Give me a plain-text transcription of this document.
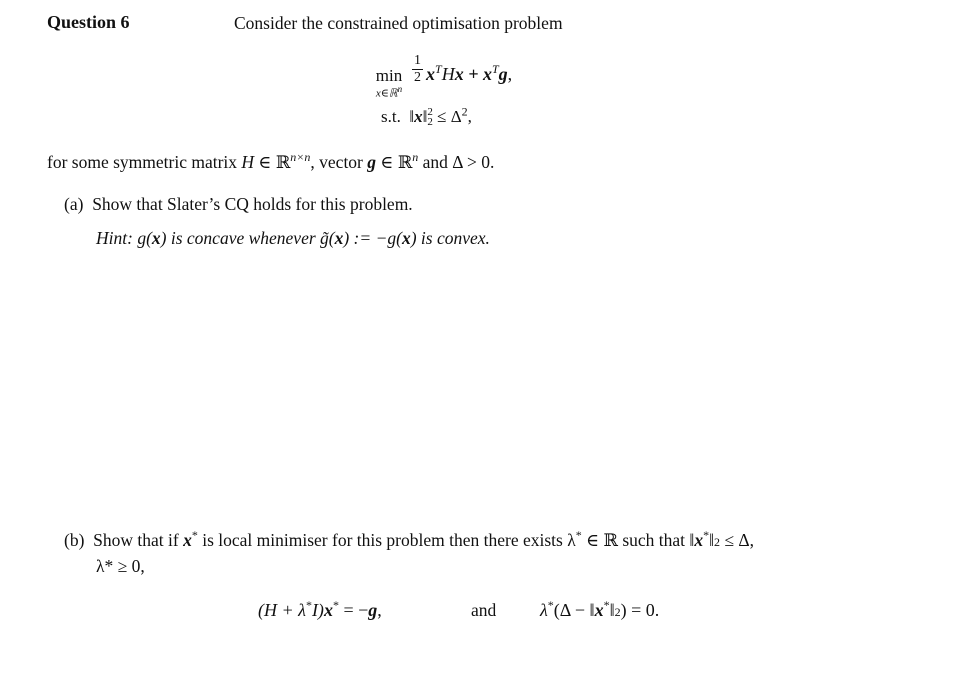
Question 6	Consider the constrained optimisation problem
min
x∈ℝ$^n$
1
2 $x^THx + x^Tg$,
s.t. ‖x‖ 2
$2 \le \Delta^2$,
for some symmetric matrix H ∈ ℝ$^{n\times n}$, vector g ∈ ℝ$^n$ and Δ > 0.
(a) Show that Slater’s CQ holds for this problem.
Hint: g(x) is concave whenever g̃(x) := −g(x) is convex.
(b) Show that if x* is local minimiser for this problem then there exists λ* ∈ ℝ such that ‖x*‖2 ≤ Δ,
λ* ≥ 0,
(H + λ*I)x* = −g,	and λ*(Δ − ‖x*‖2) = 0.
